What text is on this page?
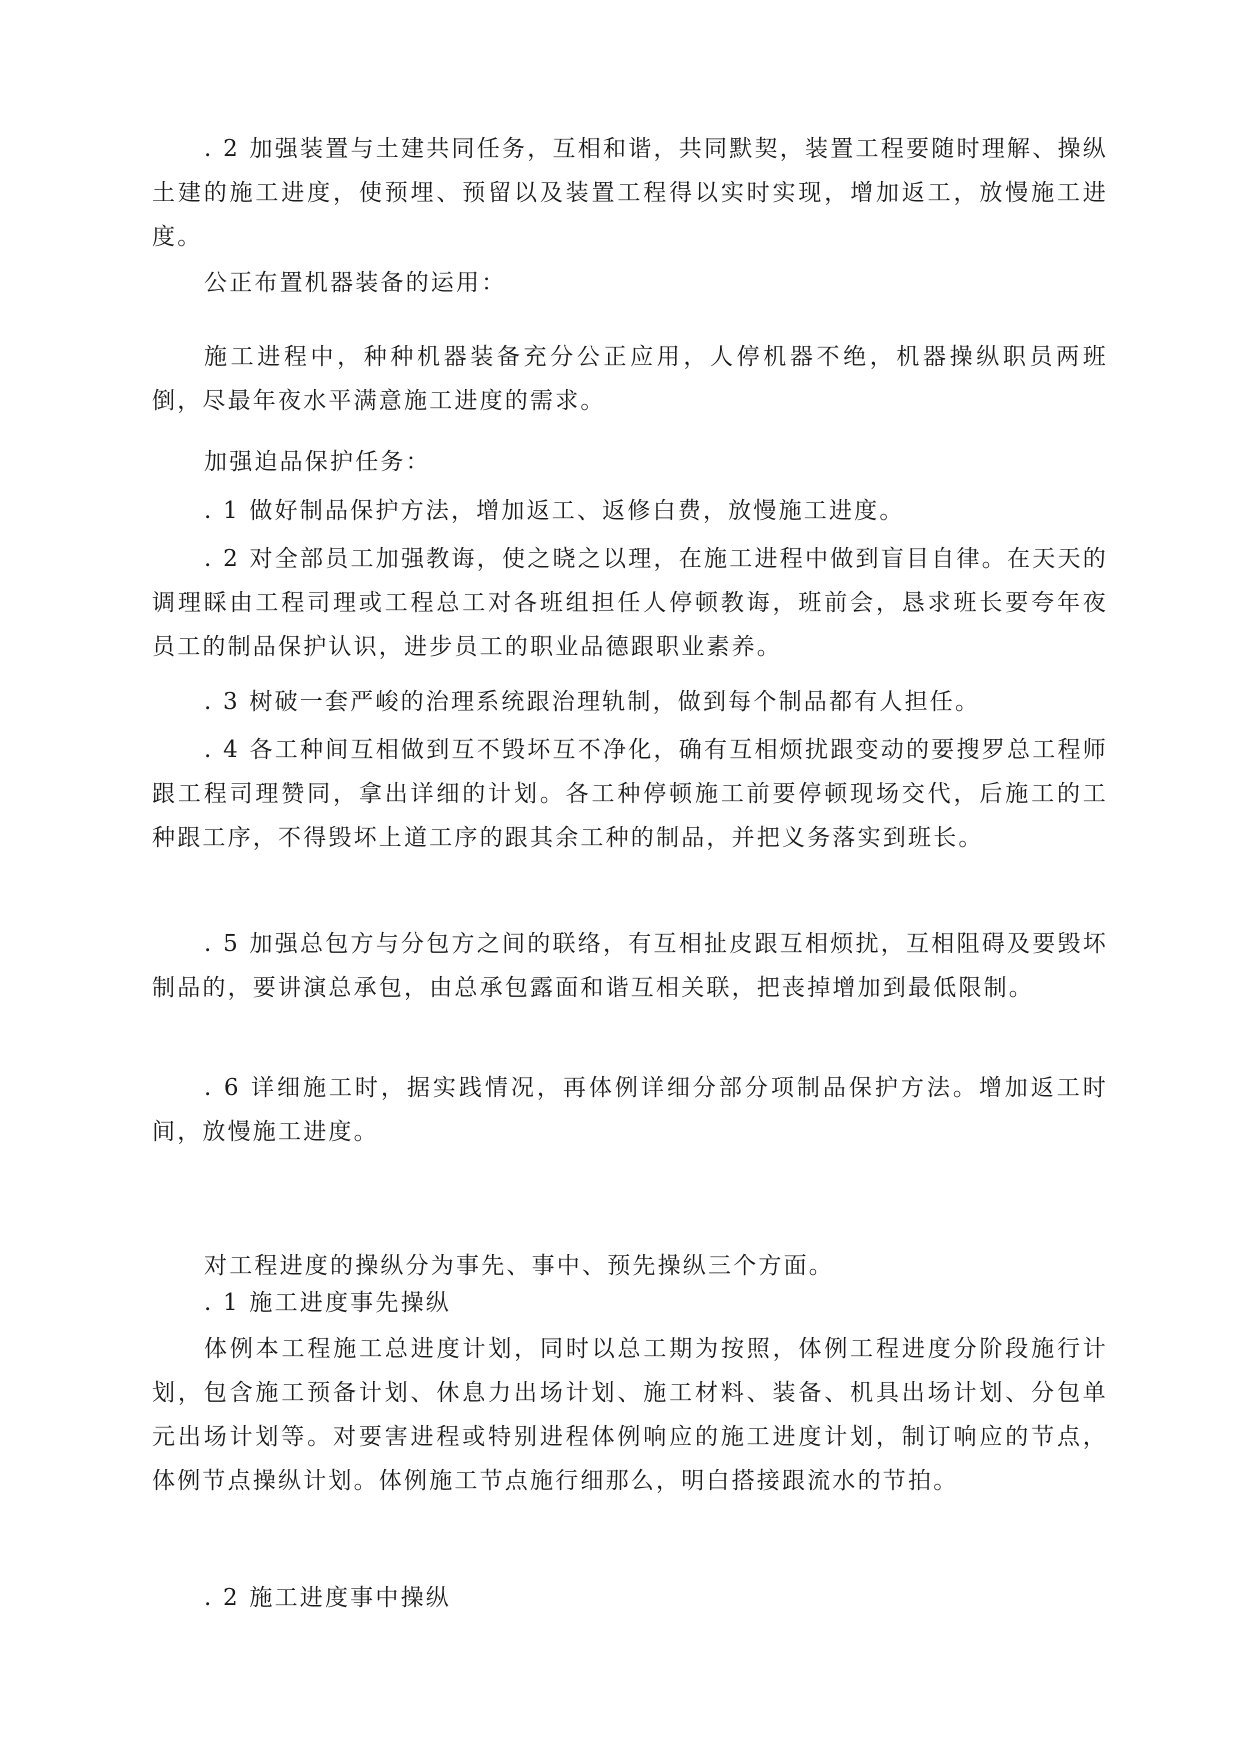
. 2 加强装置与土建共同任务，互相和谐，共同默契，装置工程要随时理解、操纵土建的施工进度，使预埋、预留以及装置工程得以实时实现，增加返工，放慢施工进度。

公正布置机器装备的运用：

施工进程中，种种机器装备充分公正应用，人停机器不绝，机器操纵职员两班倒，尽最年夜水平满意施工进度的需求。

加强迫品保护任务：

. 1 做好制品保护方法，增加返工、返修白费，放慢施工进度。

. 2 对全部员工加强教诲，使之晓之以理，在施工进程中做到盲目自律。在天天的调理睬由工程司理或工程总工对各班组担任人停顿教诲，班前会，恳求班长要夸年夜员工的制品保护认识，进步员工的职业品德跟职业素养。

. 3 树破一套严峻的治理系统跟治理轨制，做到每个制品都有人担任。

. 4 各工种间互相做到互不毁坏互不净化，确有互相烦扰跟变动的要搜罗总工程师跟工程司理赞同，拿出详细的计划。各工种停顿施工前要停顿现场交代，后施工的工种跟工序，不得毁坏上道工序的跟其余工种的制品，并把义务落实到班长。

. 5 加强总包方与分包方之间的联络，有互相扯皮跟互相烦扰，互相阻碍及要毁坏制品的，要讲演总承包，由总承包露面和谐互相关联，把丧掉增加到最低限制。

. 6 详细施工时，据实践情况，再体例详细分部分项制品保护方法。增加返工时间，放慢施工进度。

对工程进度的操纵分为事先、事中、预先操纵三个方面。

. 1 施工进度事先操纵

体例本工程施工总进度计划，同时以总工期为按照，体例工程进度分阶段施行计划，包含施工预备计划、休息力出场计划、施工材料、装备、机具出场计划、分包单元出场计划等。对要害进程或特别进程体例响应的施工进度计划，制订响应的节点，体例节点操纵计划。体例施工节点施行细那么，明白搭接跟流水的节拍。

. 2 施工进度事中操纵
